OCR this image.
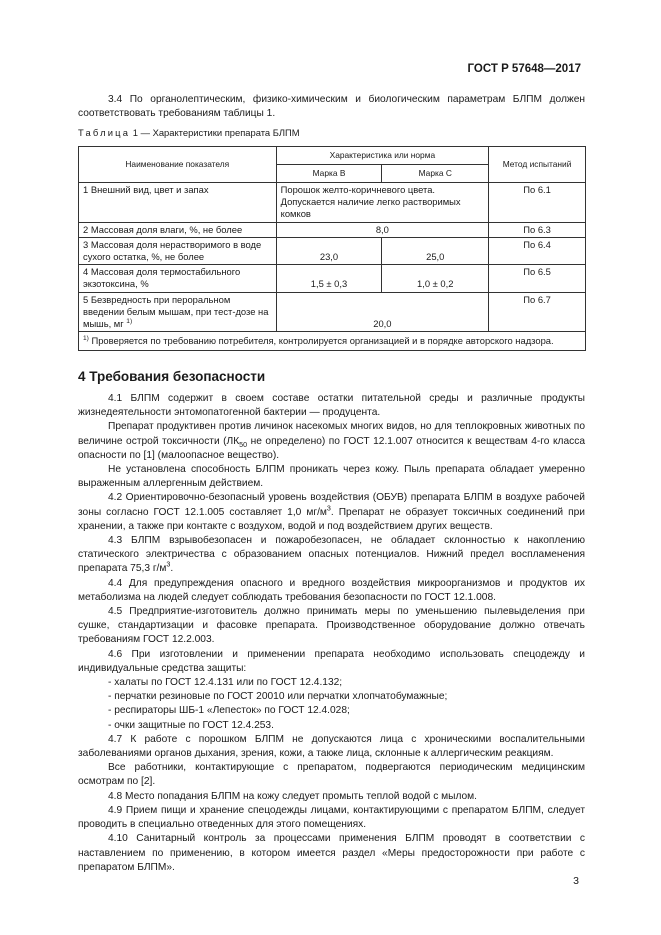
ГОСТ Р 57648—2017
3.4 По органолептическим, физико-химическим и биологическим параметрам БЛПМ должен соответствовать требованиям таблицы 1.
Таблица 1 — Характеристики препарата БЛПМ
Наименование показателя	Характеристика или норма		Метод испытаний
	Марка В	Марка С	
1 Внешний вид, цвет и запах	Порошок желто-коричневого цвета. Допускается наличие легко растворимых комков		По 6.1
2 Массовая доля влаги, %, не более	8,0		По 6.3
3 Массовая доля нерастворимого в воде сухого остатка, %, не более	23,0	25,0	По 6.4
4 Массовая доля термостабильного экзотоксина, %	1,5 ± 0,3	1,0 ± 0,2	По 6.5
5 Безвредность при пероральном введении белым мышам, при тест-дозе на мышь, мг $^{1)}$	20,0		По 6.7
$^{1)}$ Проверяется по требованию потребителя, контролируется организацией и в порядке авторского надзора.			
4 Требования безопасности
4.1 БЛПМ содержит в своем составе остатки питательной среды и различные продукты жизнедеятельности энтомопатогенной бактерии — продуцента.
Препарат продуктивен против личинок насекомых многих видов, но для теплокровных животных по величине острой токсичности ($ЛК_{50}$ не определено) по ГОСТ 12.1.007 относится к веществам 4-го класса опасности по [1] (малоопасное вещество).
Не установлена способность БЛПМ проникать через кожу. Пыль препарата обладает умеренно выраженным аллергенным действием.
4.2 Ориентировочно-безопасный уровень воздействия (ОБУВ) препарата БЛПМ в воздухе рабочей зоны согласно ГОСТ 12.1.005 составляет 1,0 $мг/м^3$. Препарат не образует токсичных соединений при хранении, а также при контакте с воздухом, водой и под воздействием других веществ.
4.3 БЛПМ взрывобезопасен и пожаробезопасен, не обладает склонностью к накоплению статического электричества с образованием опасных потенциалов. Нижний предел воспламенения препарата 75,3 $г/м^3$.
4.4 Для предупреждения опасного и вредного воздействия микроорганизмов и продуктов их метаболизма на людей следует соблюдать требования безопасности по ГОСТ 12.1.008.
4.5 Предприятие-изготовитель должно принимать меры по уменьшению пылевыделения при сушке, стандартизации и фасовке препарата. Производственное оборудование должно отвечать требованиям ГОСТ 12.2.003.
4.6 При изготовлении и применении препарата необходимо использовать спецодежду и индивидуальные средства защиты:
- халаты по ГОСТ 12.4.131 или по ГОСТ 12.4.132;
- перчатки резиновые по ГОСТ 20010 или перчатки хлопчатобумажные;
- респираторы ШБ-1 «Лепесток» по ГОСТ 12.4.028;
- очки защитные по ГОСТ 12.4.253.
4.7 К работе с порошком БЛПМ не допускаются лица с хроническими воспалительными заболеваниями органов дыхания, зрения, кожи, а также лица, склонные к аллергическим реакциям.
Все работники, контактирующие с препаратом, подвергаются периодическим медицинским осмотрам по [2].
4.8 Место попадания БЛПМ на кожу следует промыть теплой водой с мылом.
4.9 Прием пищи и хранение спецодежды лицами, контактирующими с препаратом БЛПМ, следует проводить в специально отведенных для этого помещениях.
4.10 Санитарный контроль за процессами применения БЛПМ проводят в соответствии с наставлением по применению, в котором имеется раздел «Меры предосторожности при работе с препаратом БЛПМ».
3
